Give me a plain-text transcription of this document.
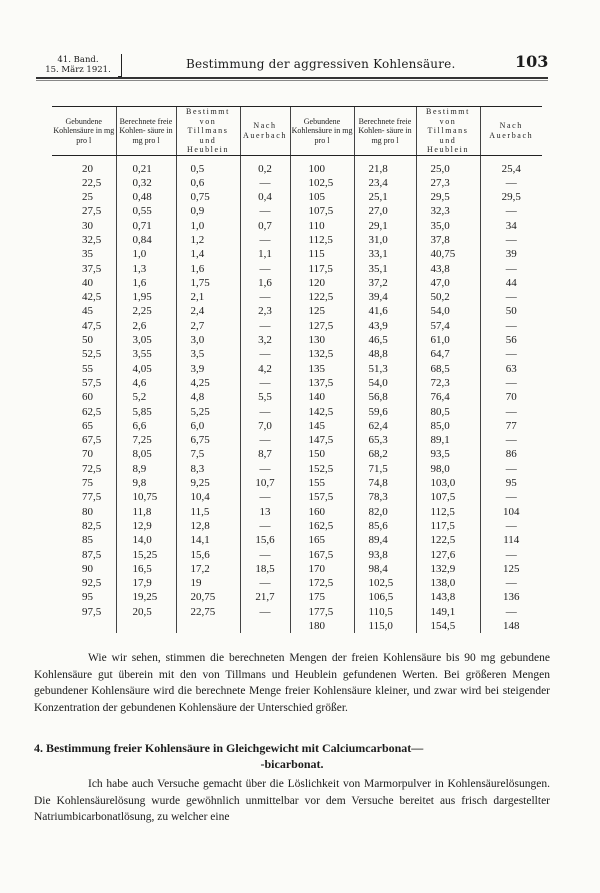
41. Band.
15. März 1921.	Bestimmung der aggressiven Kohlensäure.	103
Gebundene Kohlensäure in mg pro l	Berechnete freie Kohlen- säure in mg pro l	Bestimmt von Tillmans und Heublein	Nach Auerbach	Gebundene Kohlensäure in mg pro l	Berechnete freie Kohlen- säure in mg pro l	Bestimmt von Tillmans und Heublein	Nach Auerbach
20	0,21	0,5	0,2	100	21,8	25,0	25,4
22,5	0,32	0,6	—	102,5	23,4	27,3	—
25	0,48	0,75	0,4	105	25,1	29,5	29,5
27,5	0,55	0,9	—	107,5	27,0	32,3	—
30	0,71	1,0	0,7	110	29,1	35,0	34
32,5	0,84	1,2	—	112,5	31,0	37,8	—
35	1,0	1,4	1,1	115	33,1	40,75	39
37,5	1,3	1,6	—	117,5	35,1	43,8	—
40	1,6	1,75	1,6	120	37,2	47,0	44
42,5	1,95	2,1	—	122,5	39,4	50,2	—
45	2,25	2,4	2,3	125	41,6	54,0	50
47,5	2,6	2,7	—	127,5	43,9	57,4	—
50	3,05	3,0	3,2	130	46,5	61,0	56
52,5	3,55	3,5	—	132,5	48,8	64,7	—
55	4,05	3,9	4,2	135	51,3	68,5	63
57,5	4,6	4,25	—	137,5	54,0	72,3	—
60	5,2	4,8	5,5	140	56,8	76,4	70
62,5	5,85	5,25	—	142,5	59,6	80,5	—
65	6,6	6,0	7,0	145	62,4	85,0	77
67,5	7,25	6,75	—	147,5	65,3	89,1	—
70	8,05	7,5	8,7	150	68,2	93,5	86
72,5	8,9	8,3	—	152,5	71,5	98,0	—
75	9,8	9,25	10,7	155	74,8	103,0	95
77,5	10,75	10,4	—	157,5	78,3	107,5	—
80	11,8	11,5	13	160	82,0	112,5	104
82,5	12,9	12,8	—	162,5	85,6	117,5	—
85	14,0	14,1	15,6	165	89,4	122,5	114
87,5	15,25	15,6	—	167,5	93,8	127,6	—
90	16,5	17,2	18,5	170	98,4	132,9	125
92,5	17,9	19	—	172,5	102,5	138,0	—
95	19,25	20,75	21,7	175	106,5	143,8	136
97,5	20,5	22,75	—	177,5	110,5	149,1	—
				180	115,0	154,5	148
Wie wir sehen, stimmen die berechneten Mengen der freien Kohlensäure bis 90 mg gebundene Kohlensäure gut überein mit den von Tillmans und Heublein gefundenen Werten. Bei größeren Mengen gebundener Kohlensäure wird die berechnete Menge freier Kohlensäure kleiner, und zwar wird bei steigender Konzentration der gebundenen Kohlensäure der Unterschied größer.
4. Bestimmung freier Kohlensäure in Gleichgewicht mit Calciumcarbonat—
-bicarbonat.
Ich habe auch Versuche gemacht über die Löslichkeit von Marmorpulver in Kohlensäurelösungen. Die Kohlensäurelösung wurde gewöhnlich unmittelbar vor dem Versuche bereitet aus frisch dargestellter Natriumbicarbonatlösung, zu welcher eine
